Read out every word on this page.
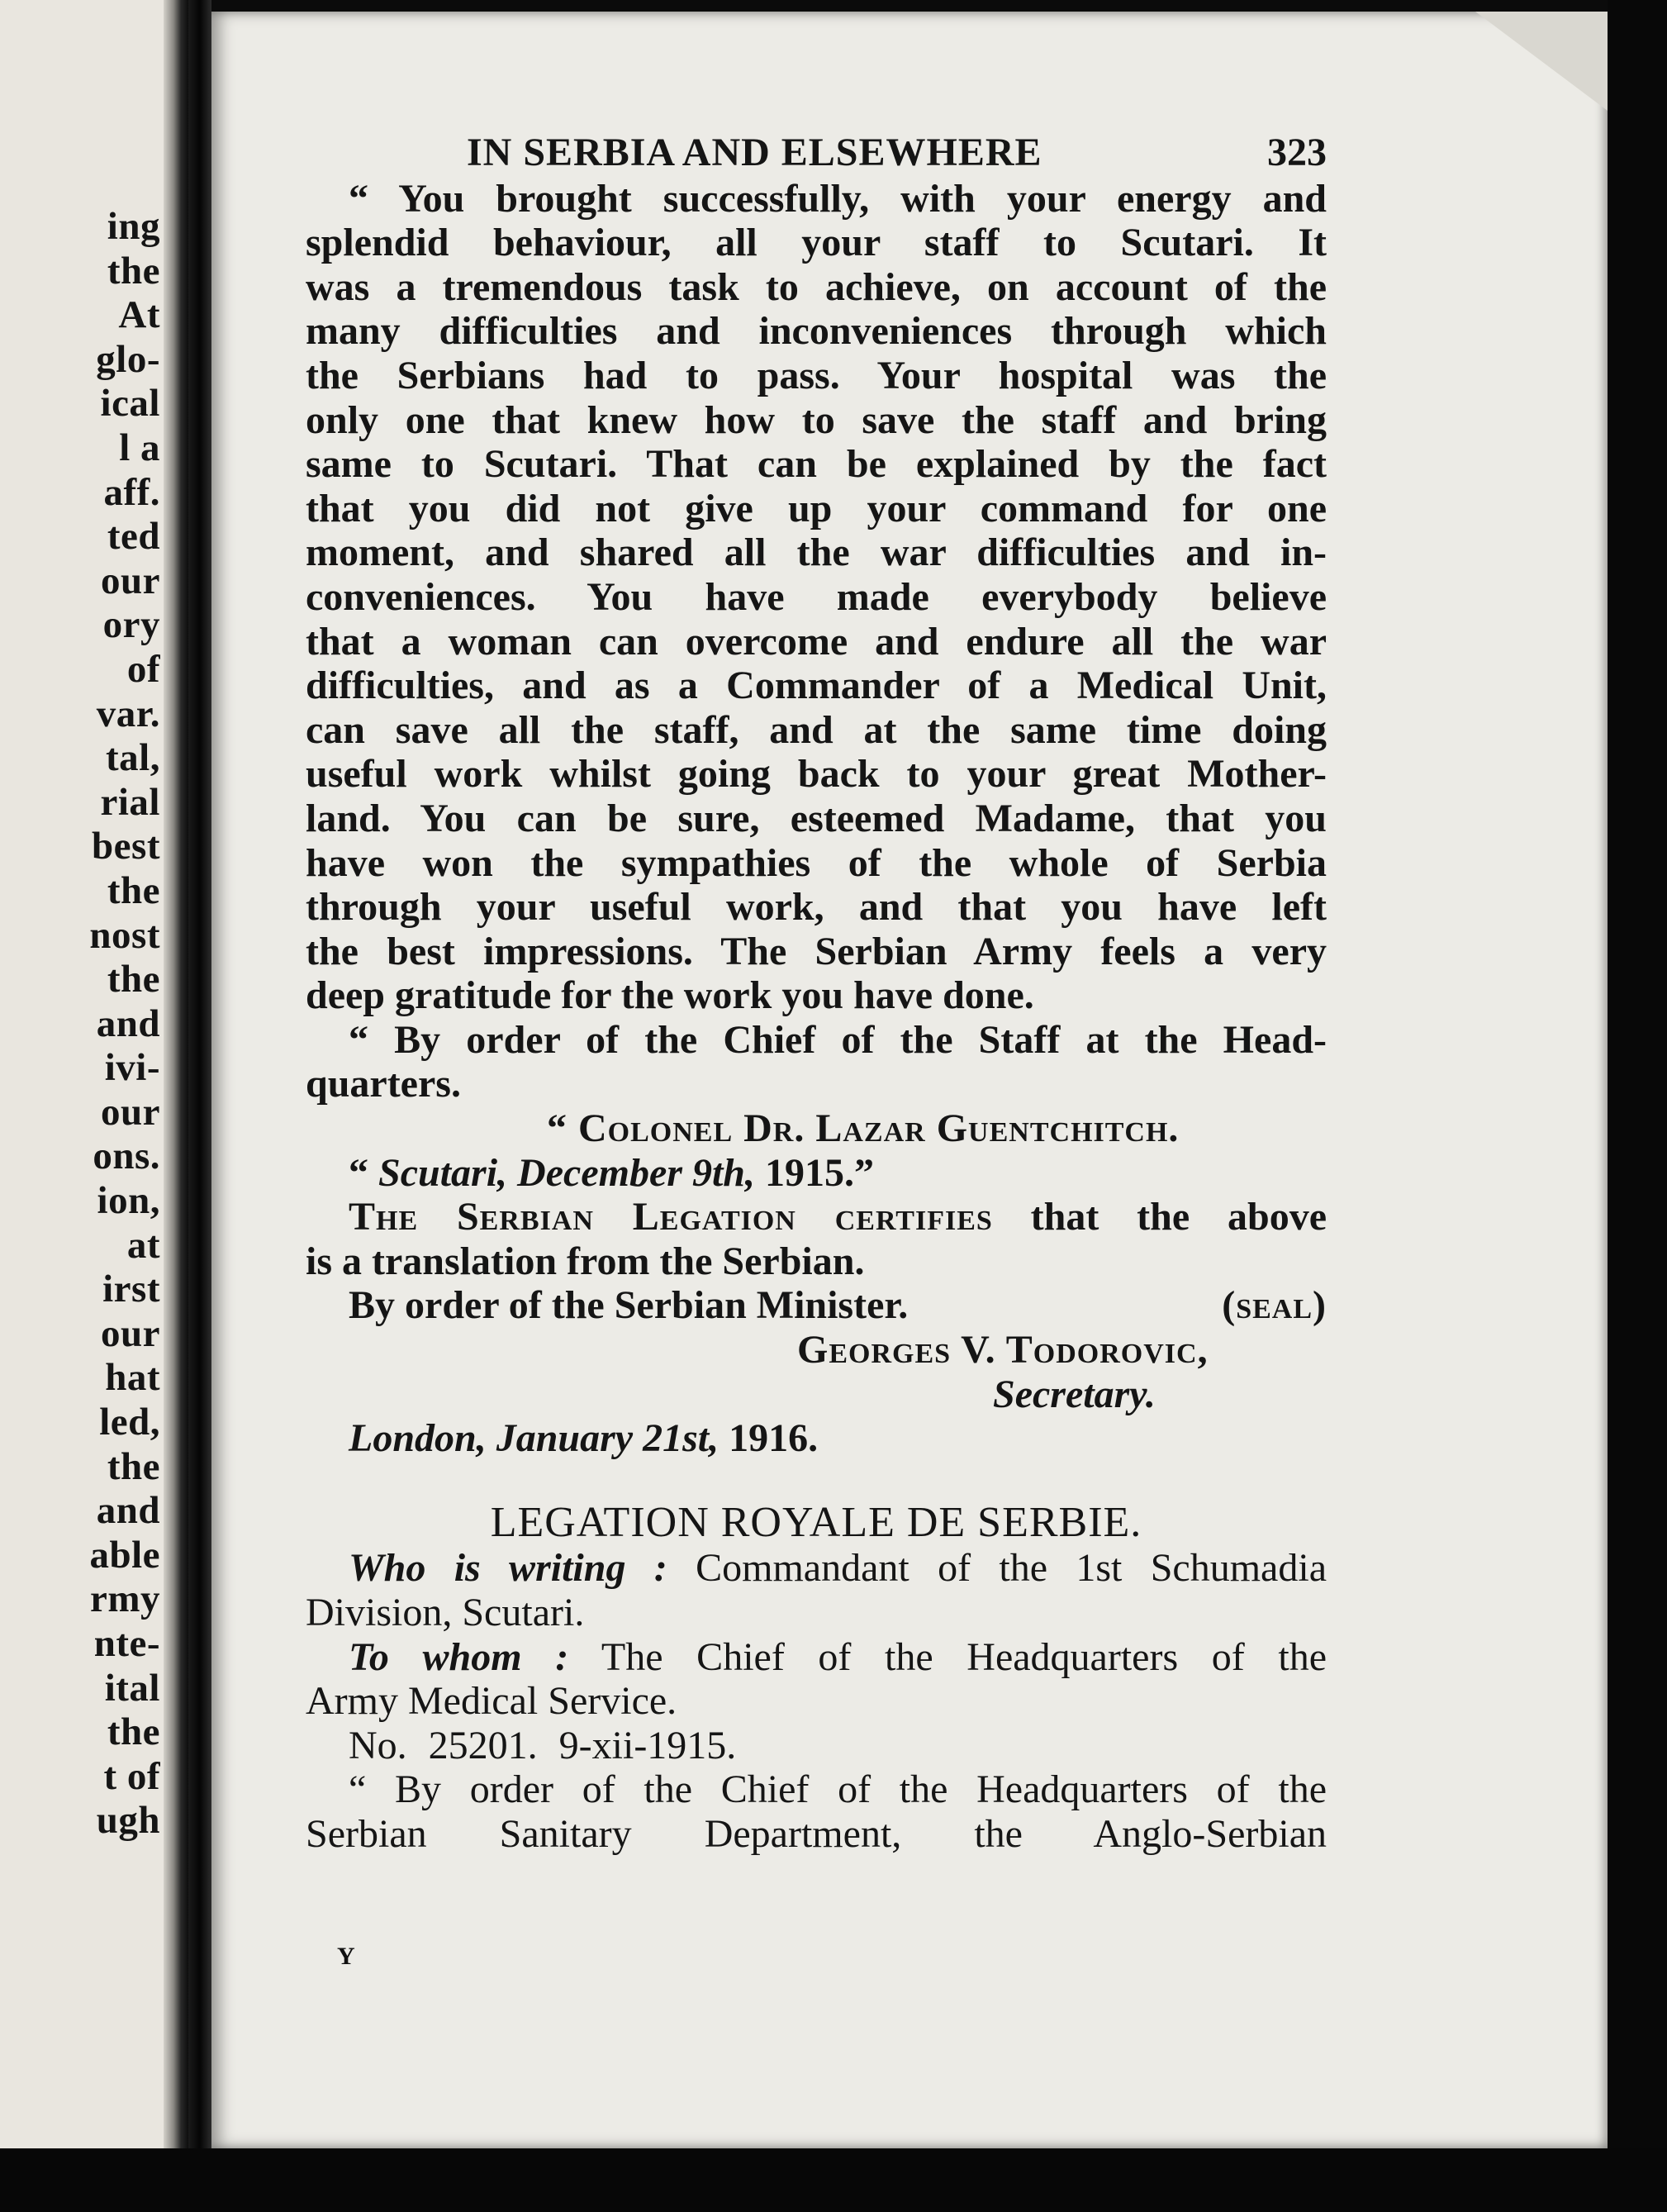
ing
the
At
glo-
ical
l a
aff.
ted
our
ory
of
var.
tal,
rial
best
the
nost
the
and
ivi-
our
ons.
ion,
at
irst
our
hat
led,
the
and
able
rmy
nte-
ital
the
t of
ugh
IN SERBIA AND ELSEWHERE	323
“ You brought successfully, with your energy and
splendid behaviour, all your staff to Scutari. It
was a tremendous task to achieve, on account of the
many difficulties and inconveniences through which
the Serbians had to pass. Your hospital was the
only one that knew how to save the staff and bring
same to Scutari. That can be explained by the fact
that you did not give up your command for one
moment, and shared all the war difficulties and in-
conveniences. You have made everybody believe
that a woman can overcome and endure all the war
difficulties, and as a Commander of a Medical Unit,
can save all the staff, and at the same time doing
useful work whilst going back to your great Mother-
land. You can be sure, esteemed Madame, that you
have won the sympathies of the whole of Serbia
through your useful work, and that you have left
the best impressions. The Serbian Army feels a very
deep gratitude for the work you have done.
“ By order of the Chief of the Staff at the Head-
quarters.
“ Colonel Dr. Lazar Guentchitch.
“ Scutari, December 9th, 1915.”
The Serbian Legation certifies that the above
is a translation from the Serbian.
By order of the Serbian Minister.	(seal)
Georges V. Todorovic,
Secretary.
London, January 21st, 1916.
LEGATION ROYALE DE SERBIE.
Who is writing : Commandant of the 1st Schumadia
Division, Scutari.
To whom : The Chief of the Headquarters of the
Army Medical Service.
No. 25201. 9-xii-1915.
“ By order of the Chief of the Headquarters of the
Serbian Sanitary Department, the Anglo-Serbian
Y
